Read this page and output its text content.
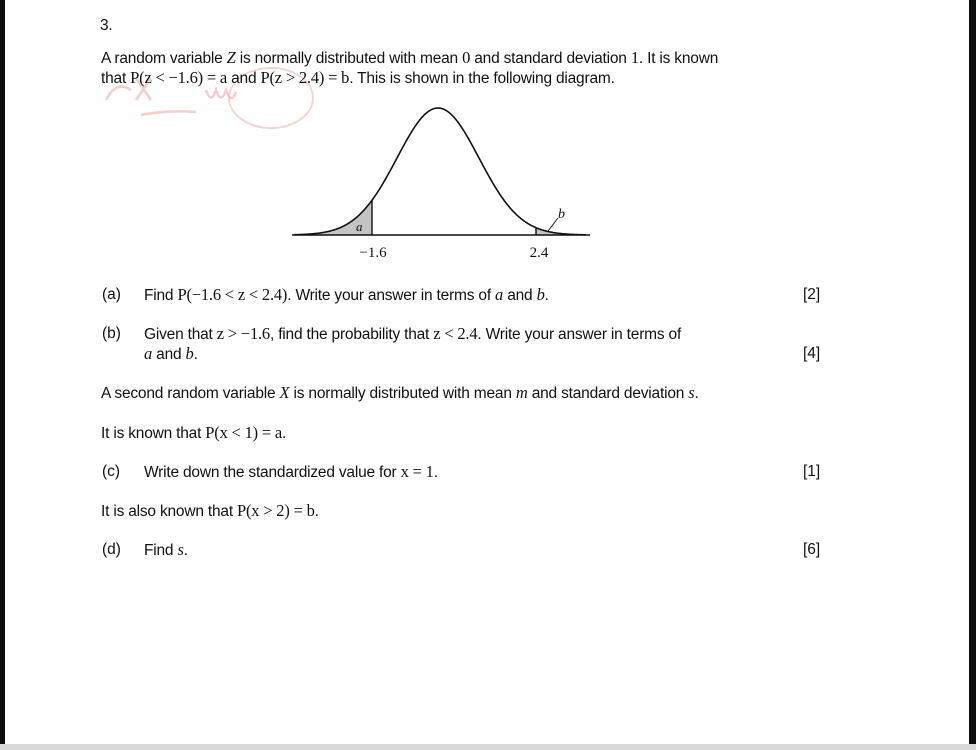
3.
A random variable Z is normally distributed with mean 0 and standard deviation 1. It is known
that P(z < −1.6) = a and P(z > 2.4) = b. This is shown in the following diagram.
a
b
−1.6	2.4
(a) Find P(−1.6 < z < 2.4). Write your answer in terms of a and b.	[2]
(b) Given that z > −1.6, find the probability that z < 2.4. Write your answer in terms of
a and b.	[4]
A second random variable X is normally distributed with mean m and standard deviation s.
It is known that P(x < 1) = a.
(c) Write down the standardized value for x = 1.	[1]
It is also known that P(x > 2) = b.
(d) Find s.	[6]
